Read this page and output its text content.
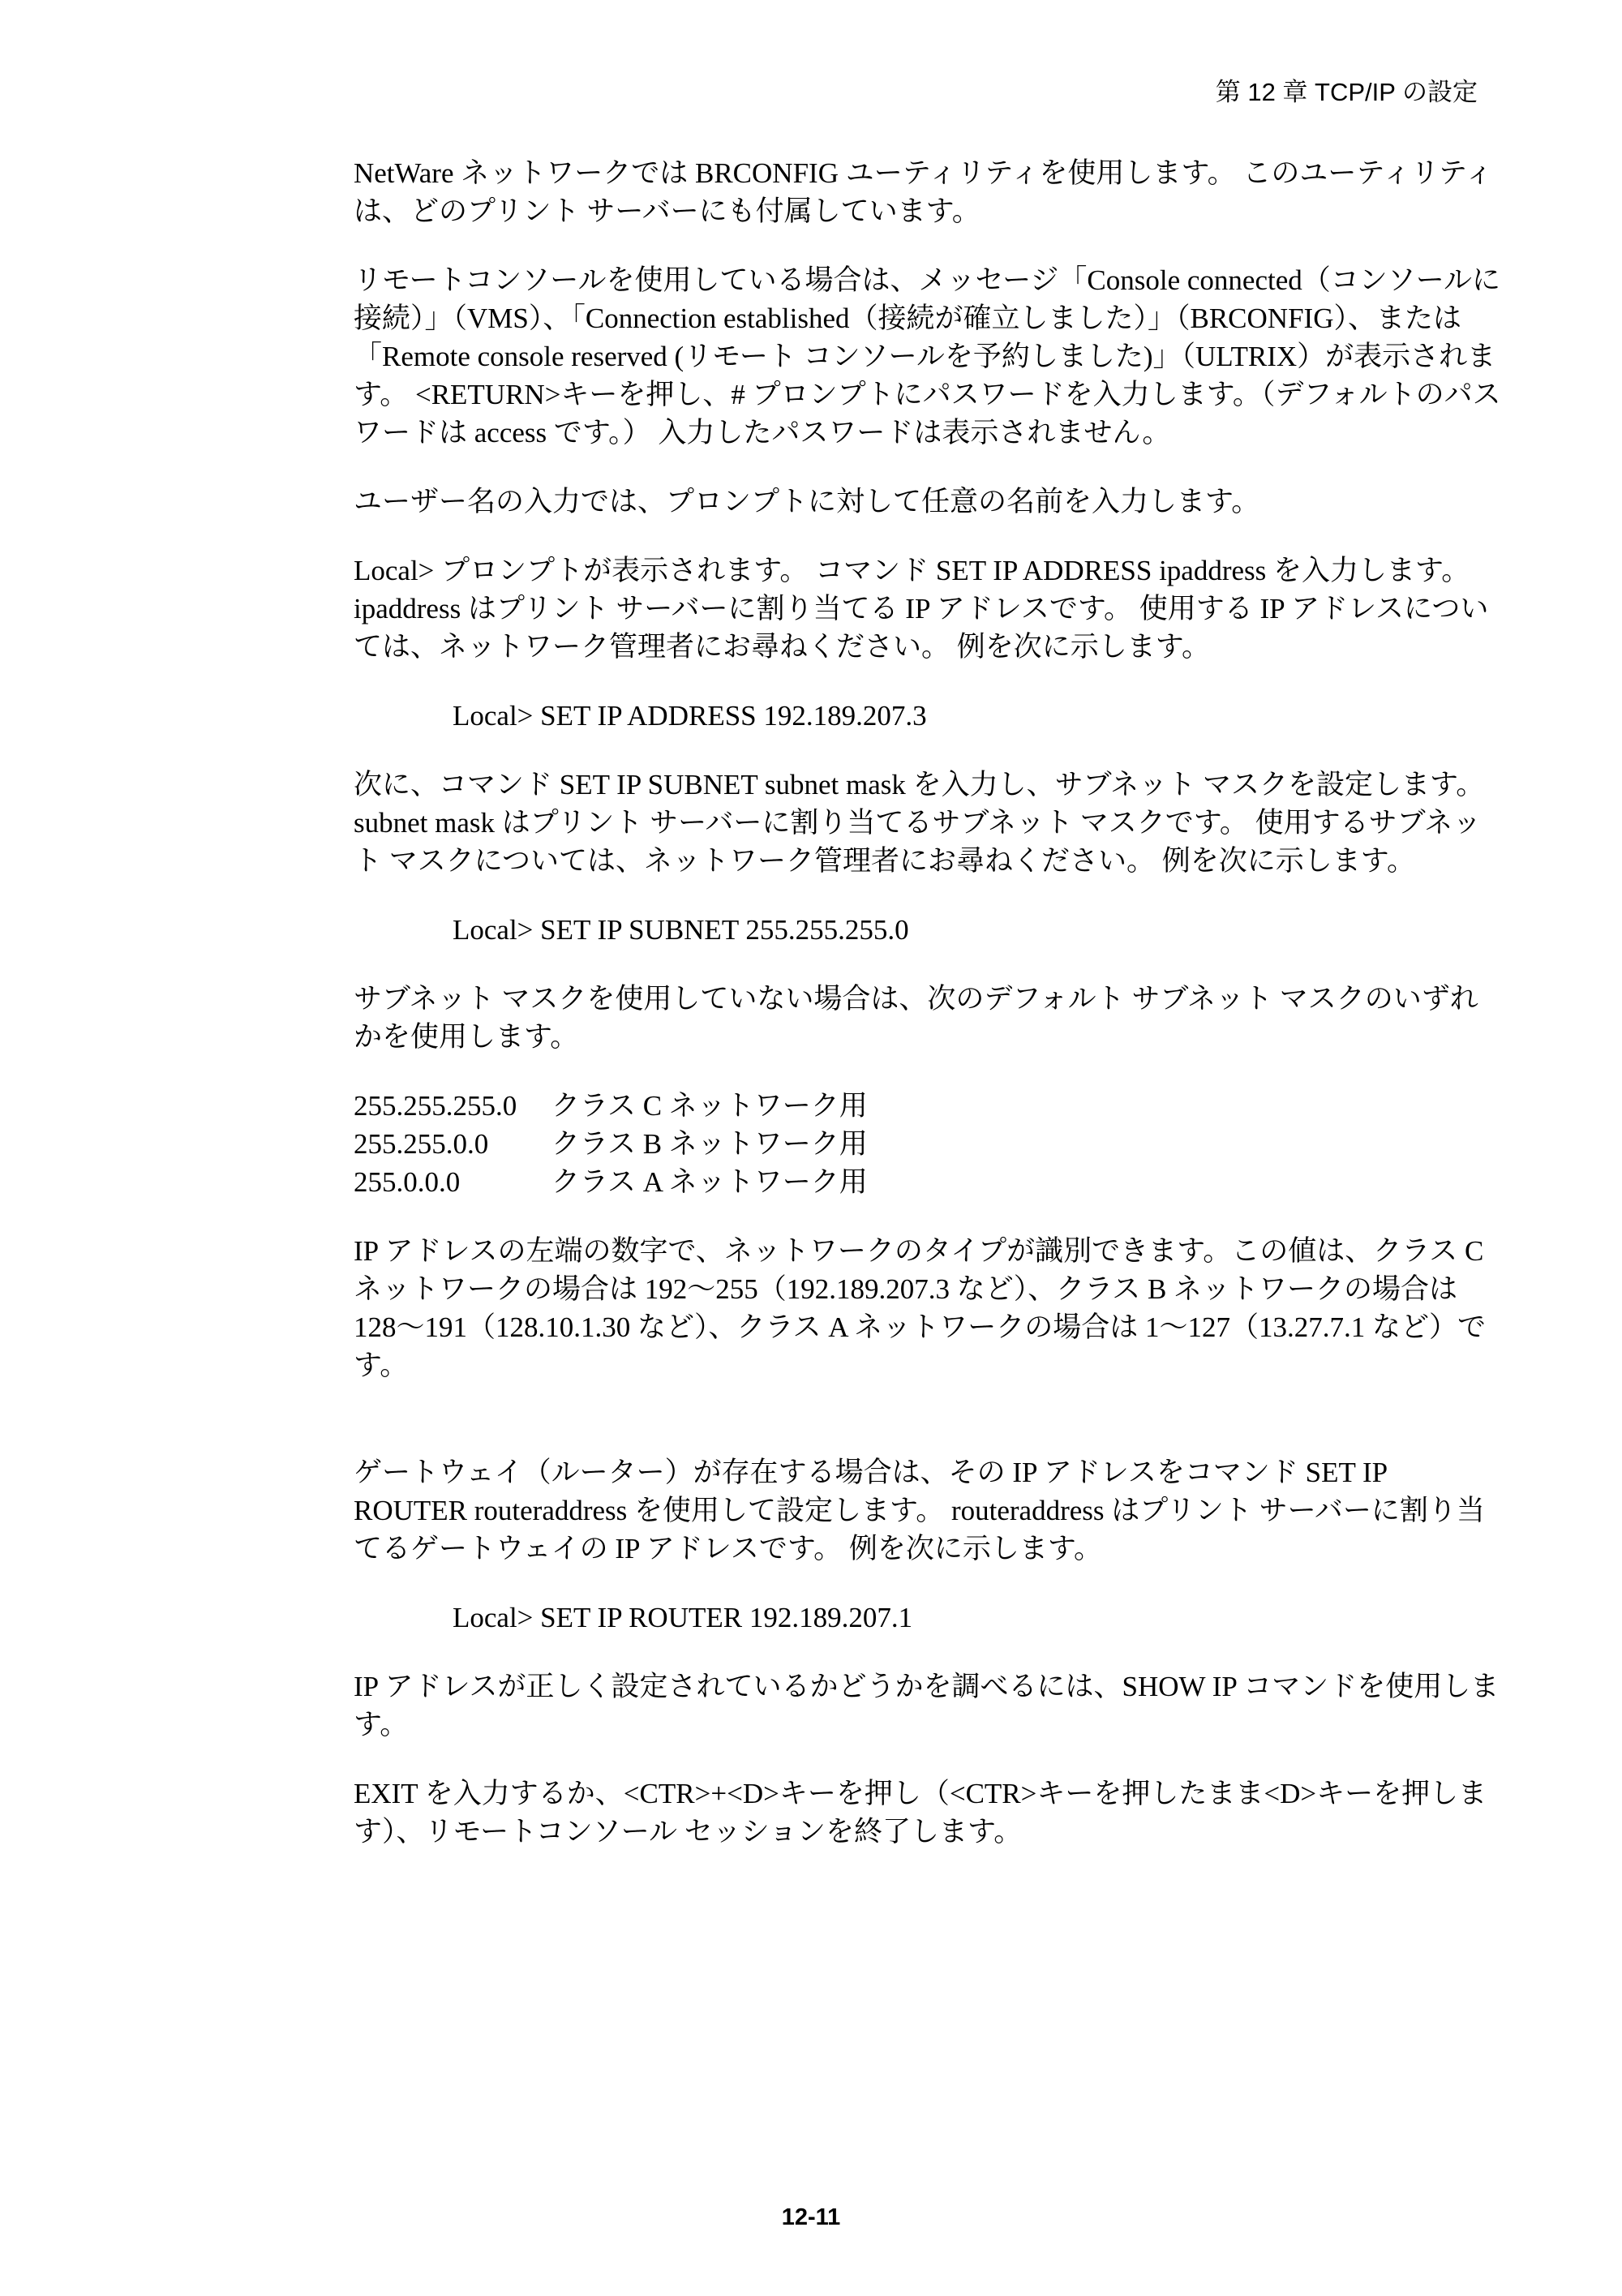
第 12 章 TCP/IP の設定

NetWare ネットワークでは BRCONFIG ユーティリティを使用します。 このユーティリティは、どのプリント サーバーにも付属しています。

リモートコンソールを使用している場合は、メッセージ「Console connected（コンソールに接続）」（VMS）、「Connection established（接続が確立しました）」（BRCONFIG）、または「Remote console reserved (リモート コンソールを予約しました)」（ULTRIX）が表示されます。 <RETURN>キーを押し、# プロンプトにパスワードを入力します。（デフォルトのパスワードは access です。） 入力したパスワードは表示されません。

ユーザー名の入力では、プロンプトに対して任意の名前を入力します。

Local> プロンプトが表示されます。 コマンド SET IP ADDRESS ipaddress を入力します。 ipaddress はプリント サーバーに割り当てる IP アドレスです。 使用する IP アドレスについては、ネットワーク管理者にお尋ねください。 例を次に示します。

Local> SET IP ADDRESS 192.189.207.3

次に、コマンド SET IP SUBNET subnet mask を入力し、サブネット マスクを設定します。subnet mask はプリント サーバーに割り当てるサブネット マスクです。 使用するサブネット マスクについては、ネットワーク管理者にお尋ねください。 例を次に示します。

Local> SET IP SUBNET 255.255.255.0

サブネット マスクを使用していない場合は、次のデフォルト サブネット マスクのいずれかを使用します。

255.255.255.0	クラス C ネットワーク用
255.255.0.0	クラス B ネットワーク用
255.0.0.0	クラス A ネットワーク用

IP アドレスの左端の数字で、ネットワークのタイプが識別できます。この値は、クラス C ネットワークの場合は 192～255（192.189.207.3 など）、クラス B ネットワークの場合は 128～191（128.10.1.30 など）、クラス A ネットワークの場合は 1～127（13.27.7.1 など）です。

ゲートウェイ（ルーター）が存在する場合は、その IP アドレスをコマンド SET IP ROUTER routeraddress を使用して設定します。 routeraddress はプリント サーバーに割り当てるゲートウェイの IP アドレスです。 例を次に示します。

Local> SET IP ROUTER 192.189.207.1

IP アドレスが正しく設定されているかどうかを調べるには、SHOW IP コマンドを使用します。

EXIT を入力するか、<CTR>+<D>キーを押し（<CTR>キーを押したまま<D>キーを押します）、リモートコンソール セッションを終了します。

12-11
